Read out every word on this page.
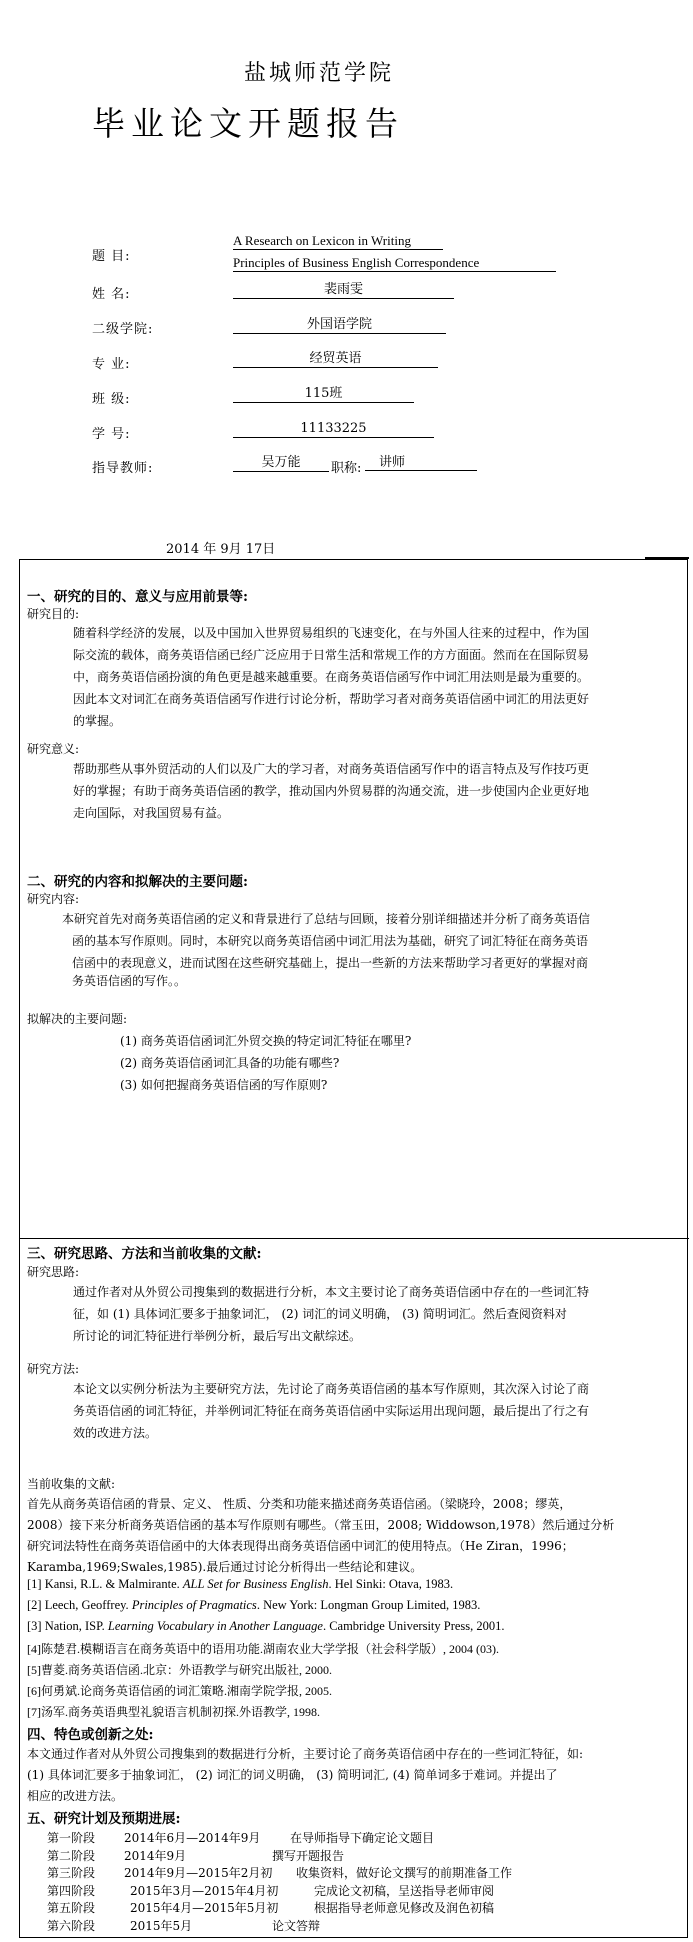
盐城师范学院
毕业论文开题报告
题 目:
A Research on Lexicon in Writing
Principles of Business English Correspondence
姓 名:	裴雨雯
二级学院:	外国语学院
专 业:	经贸英语
班 级:	115班
学 号:	11133225
指导教师:	吴万能	职称:	讲师
2014 年 9月 17日
一、研究的目的、意义与应用前景等:
研究目的:
随着科学经济的发展，以及中国加入世界贸易组织的飞速变化，在与外国人往来的过程中，作为国
际交流的载体，商务英语信函已经广泛应用于日常生活和常规工作的方方面面。然而在在国际贸易
中，商务英语信函扮演的角色更是越来越重要。在商务英语信函写作中词汇用法则是最为重要的。
因此本文对词汇在商务英语信函写作进行讨论分析，帮助学习者对商务英语信函中词汇的用法更好
的掌握。
研究意义:
帮助那些从事外贸活动的人们以及广大的学习者，对商务英语信函写作中的语言特点及写作技巧更
好的掌握；有助于商务英语信函的教学，推动国内外贸易群的沟通交流，进一步使国内企业更好地
走向国际，对我国贸易有益。
二、研究的内容和拟解决的主要问题:
研究内容:
本研究首先对商务英语信函的定义和背景进行了总结与回顾，接着分别详细描述并分析了商务英语信
函的基本写作原则。同时，本研究以商务英语信函中词汇用法为基础，研究了词汇特征在商务英语
信函中的表现意义，进而试图在这些研究基础上，提出一些新的方法来帮助学习者更好的掌握对商
务英语信函的写作。。
拟解决的主要问题:
(1) 商务英语信函词汇外贸交换的特定词汇特征在哪里?
(2) 商务英语信函词汇具备的功能有哪些?
(3) 如何把握商务英语信函的写作原则?
三、研究思路、方法和当前收集的文献:
研究思路:
通过作者对从外贸公司搜集到的数据进行分析，本文主要讨论了商务英语信函中存在的一些词汇特
征，如 (1) 具体词汇要多于抽象词汇， (2) 词汇的词义明确， (3) 简明词汇。然后查阅资料对
所讨论的词汇特征进行举例分析，最后写出文献综述。
研究方法:
本论文以实例分析法为主要研究方法，先讨论了商务英语信函的基本写作原则，其次深入讨论了商
务英语信函的词汇特征，并举例词汇特征在商务英语信函中实际运用出现问题，最后提出了行之有
效的改进方法。
当前收集的文献:
首先从商务英语信函的背景、定义、 性质、分类和功能来描述商务英语信函。（梁晓玲，2008；缪英，
2008）接下来分析商务英语信函的基本写作原则有哪些。（常玉田，2008; Widdowson,1978）然后通过分析
研究词法特性在商务英语信函中的大体表现得出商务英语信函中词汇的使用特点。（He Ziran，1996；
Karamba,1969;Swales,1985).最后通过讨论分析得出一些结论和建议。
[1] Kansi, R.L. & Malmirante. ALL Set for Business English. Hel Sinki: Otava, 1983.
[2] Leech, Geoffrey. Principles of Pragmatics. New York: Longman Group Limited, 1983.
[3] Nation, ISP. Learning Vocabulary in Another Language. Cambridge University Press, 2001.
[4]陈楚君.模糊语言在商务英语中的语用功能.湖南农业大学学报（社会科学版）, 2004 (03).
[5]曹菱.商务英语信函.北京：外语教学与研究出版社, 2000.
[6]何勇斌.论商务英语信函的词汇策略.湘南学院学报, 2005.
[7]汤军.商务英语典型礼貌语言机制初探.外语教学, 1998.
四、特色或创新之处:
本文通过作者对从外贸公司搜集到的数据进行分析，主要讨论了商务英语信函中存在的一些词汇特征，如:
(1) 具体词汇要多于抽象词汇， (2) 词汇的词义明确， (3) 简明词汇, (4) 简单词多于难词。并提出了
相应的改进方法。
五、研究计划及预期进展:
第一阶段 2014年6月—2014年9月 在导师指导下确定论文题目
第二阶段 2014年9月	撰写开题报告
第三阶段 2014年9月—2015年2月初 收集资料，做好论文撰写的前期准备工作
第四阶段	2015年3月—2015年4月初	完成论文初稿，呈送指导老师审阅
第五阶段	2015年4月—2015年5月初	根据指导老师意见修改及润色初稿
第六阶段	2015年5月	论文答辩
